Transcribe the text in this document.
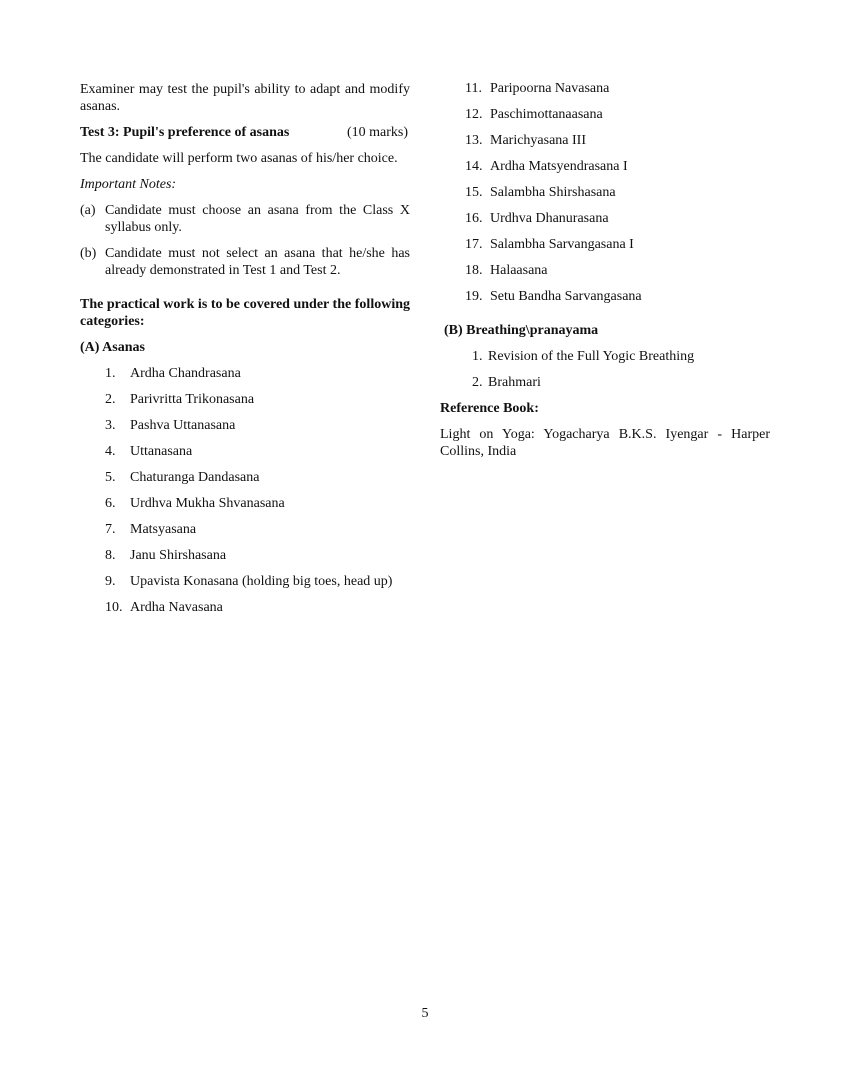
Examiner may test the pupil's ability to adapt and modify asanas.

Test 3: Pupil's preference of asanas	(10 marks)

The candidate will perform two asanas of his/her choice.

Important Notes:

(a) Candidate must choose an asana from the Class X syllabus only.
(b) Candidate must not select an asana that he/she has already demonstrated in Test 1 and Test 2.

The practical work is to be covered under the following categories:

(A) Asanas

1.	Ardha Chandrasana
2.	Parivritta Trikonasana
3.	Pashva Uttanasana
4.	Uttanasana
5.	Chaturanga Dandasana
6.	Urdhva Mukha Shvanasana
7.	Matsyasana
8.	Janu Shirshasana
9.	Upavista Konasana (holding big toes, head up)
10. Ardha Navasana
11. Paripoorna Navasana
12. Paschimottanaasana
13. Marichyasana III
14. Ardha Matsyendrasana I
15. Salambha Shirshasana
16. Urdhva Dhanurasana
17. Salambha Sarvangasana I
18. Halaasana
19. Setu Bandha Sarvangasana

(B) Breathing\pranayama

1. Revision of the Full Yogic Breathing
2. Brahmari

Reference Book:

Light on Yoga: Yogacharya B.K.S. Iyengar - Harper Collins, India

5
